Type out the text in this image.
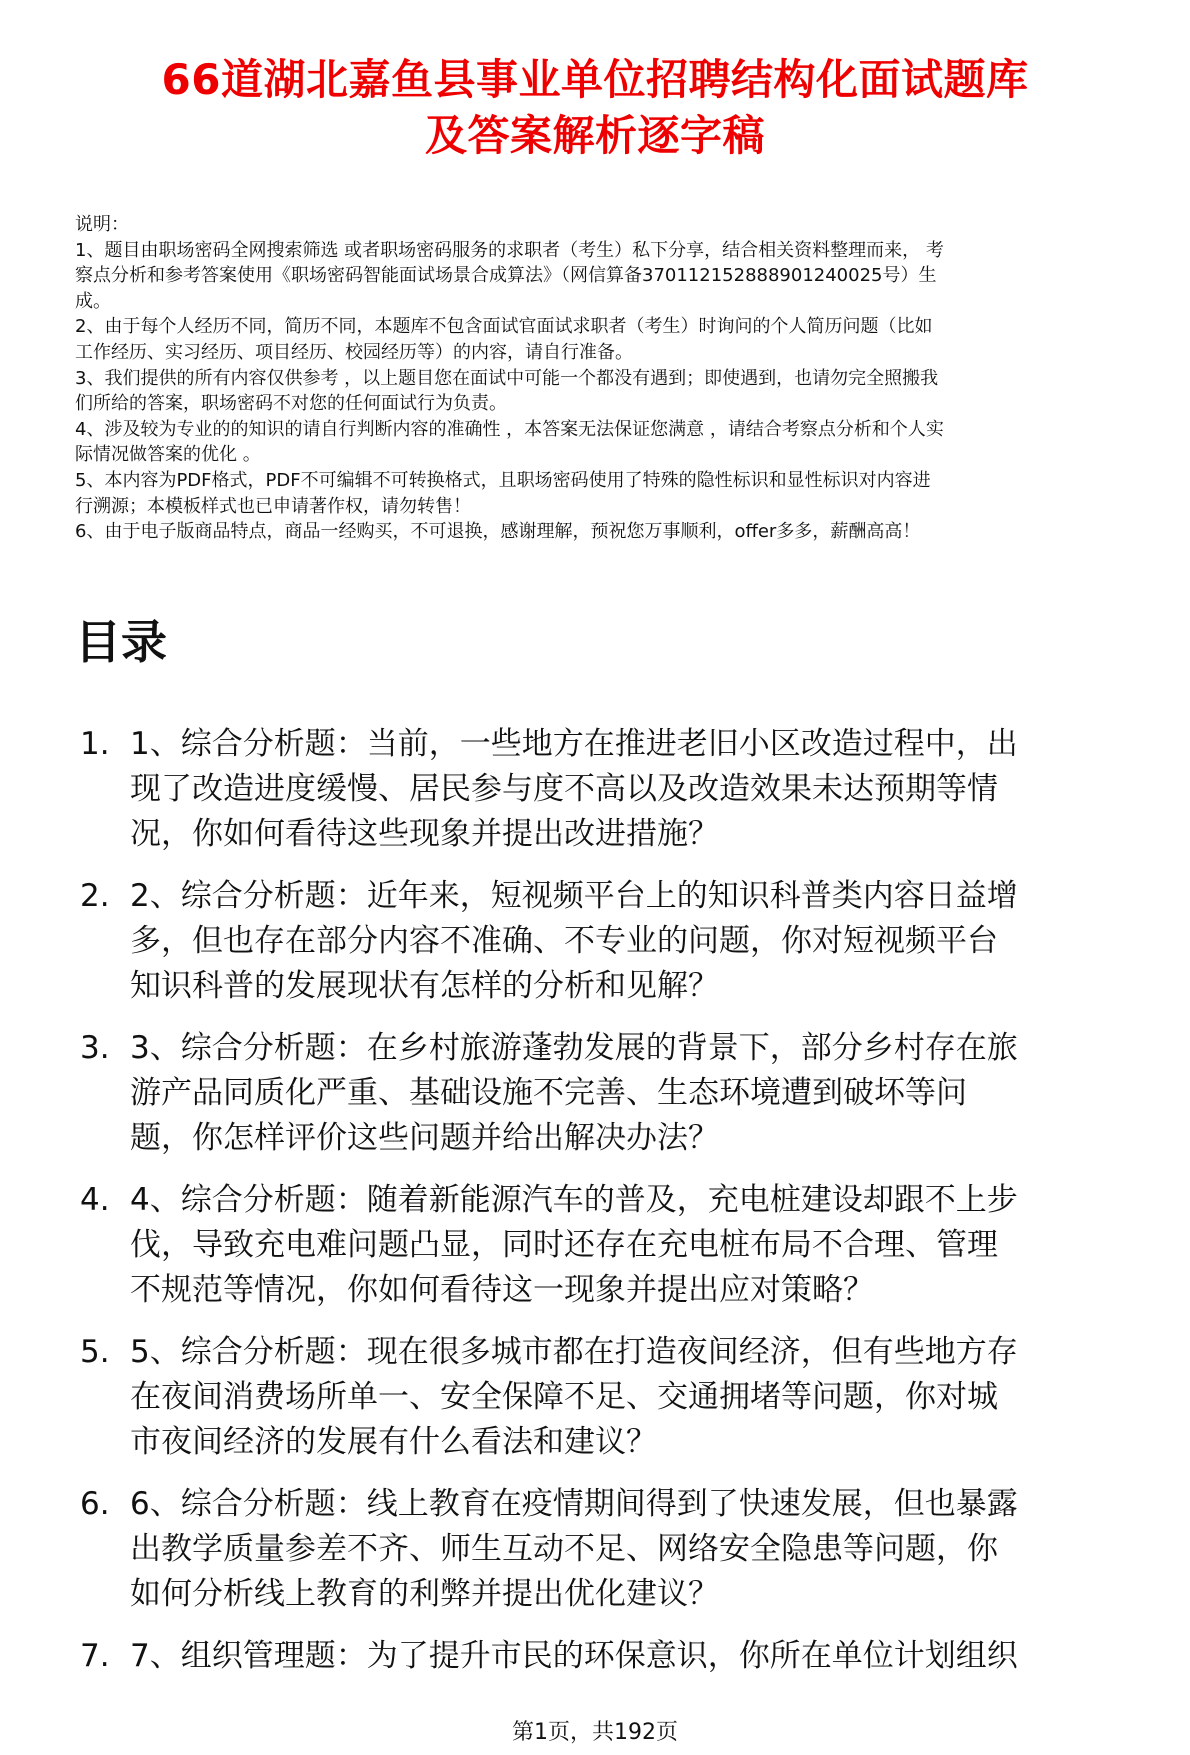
66道湖北嘉鱼县事业单位招聘结构化面试题库
及答案解析逐字稿
说明：
1、题目由职场密码全网搜索筛选 或者职场密码服务的求职者（考生）私下分享，结合相关资料整理而来， 考
察点分析和参考答案使用《职场密码智能面试场景合成算法》（网信算备370112152888901240025号）生
成。
2、由于每个人经历不同，简历不同，本题库不包含面试官面试求职者（考生）时询问的个人简历问题（比如
工作经历、实习经历、项目经历、校园经历等）的内容，请自行准备。
3、我们提供的所有内容仅供参考 ，以上题目您在面试中可能一个都没有遇到；即使遇到，也请勿完全照搬我
们所给的答案，职场密码不对您的任何面试行为负责。
4、涉及较为专业的的知识的请自行判断内容的准确性 ，本答案无法保证您满意 ，请结合考察点分析和个人实
际情况做答案的优化 。
5、本内容为PDF格式，PDF不可编辑不可转换格式，且职场密码使用了特殊的隐性标识和显性标识对内容进
行溯源；本模板样式也已申请著作权，请勿转售！
6、由于电子版商品特点，商品一经购买，不可退换，感谢理解，预祝您万事顺利，offer多多，薪酬高高！
目录
1. 1、综合分析题：当前，一些地方在推进老旧小区改造过程中，出
现了改造进度缓慢、居民参与度不高以及改造效果未达预期等情
况，你如何看待这些现象并提出改进措施？
2. 2、综合分析题：近年来，短视频平台上的知识科普类内容日益增
多，但也存在部分内容不准确、不专业的问题，你对短视频平台
知识科普的发展现状有怎样的分析和见解？
3. 3、综合分析题：在乡村旅游蓬勃发展的背景下，部分乡村存在旅
游产品同质化严重、基础设施不完善、生态环境遭到破坏等问
题，你怎样评价这些问题并给出解决办法？
4. 4、综合分析题：随着新能源汽车的普及，充电桩建设却跟不上步
伐，导致充电难问题凸显，同时还存在充电桩布局不合理、管理
不规范等情况，你如何看待这一现象并提出应对策略？
5. 5、综合分析题：现在很多城市都在打造夜间经济，但有些地方存
在夜间消费场所单一、安全保障不足、交通拥堵等问题，你对城
市夜间经济的发展有什么看法和建议？
6. 6、综合分析题：线上教育在疫情期间得到了快速发展，但也暴露
出教学质量参差不齐、师生互动不足、网络安全隐患等问题，你
如何分析线上教育的利弊并提出优化建议？
7. 7、组织管理题：为了提升市民的环保意识，你所在单位计划组织
第1页，共192页
